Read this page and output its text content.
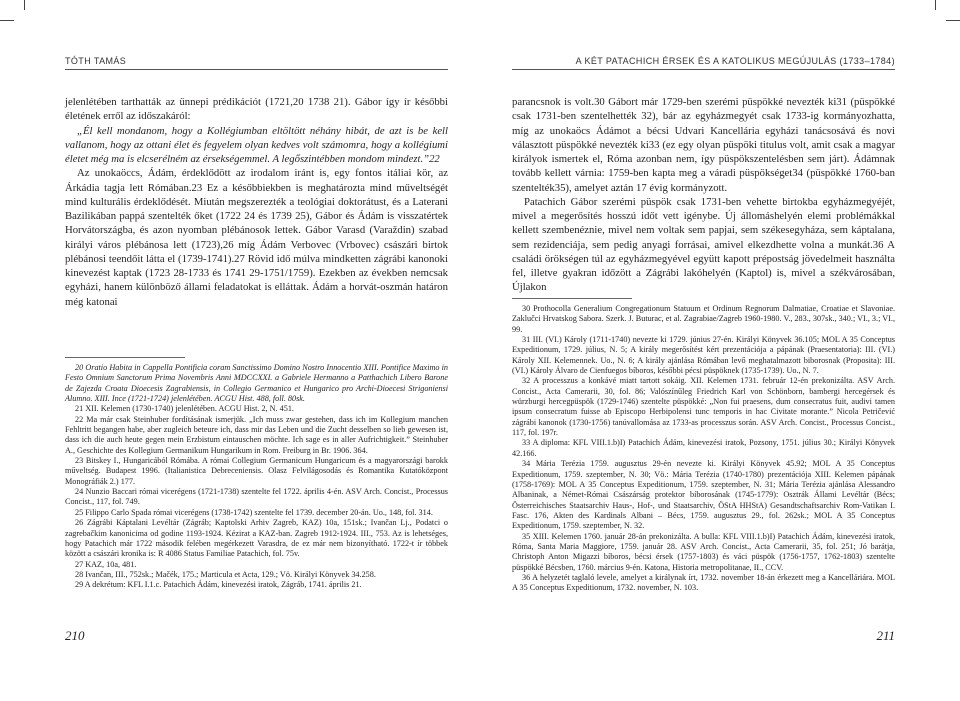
TÓTH TAMÁS

jelenlétében tarthatták az ünnepi prédikációt (1721,20 1738 21). Gábor így ír későbbi életének erről az időszakáról:

„Él kell mondanom, hogy a Kollégiumban eltöltött néhány hibát, de azt is be kell vallanom, hogy az ottani élet és fegyelem olyan kedves volt számomra, hogy a kollégiumi életet még ma is elcserélném az érsekségemmel. A legőszintébben mondom mindezt.”22

Az unokaöccs, Ádám, érdeklődött az irodalom iránt is, egy fontos itáliai kör, az Árkádia tagja lett Rómában.23 Ez a későbbiekben is meghatározta mind műveltségét mind kulturális érdeklődését. Miután megszerezték a teológiai doktorátust, és a Laterani Bazilikában pappá szentelték őket (1722 24 és 1739 25), Gábor és Ádám is visszatértek Horvátországba, és azon nyomban plébánosok lettek. Gábor Varasd (Varaždin) szabad királyi város plébánosa lett (1723),26 míg Ádám Verbovec (Vrbovec) császári birtok plébánosi teendőit látta el (1739-1741).27 Rövid idő múlva mindketten zágrábi kanonoki kinevezést kaptak (1723 28-1733 és 1741 29-1751/1759). Ezekben az években nemcsak egyházi, hanem különböző állami feladatokat is elláttak. Ádám a horvát-oszmán határon még katonai

20 Oratio Habita in Cappella Pontificia coram Sanctissimo Domino Nostro Innocentio XIII. Pontifice Maximo in Festo Omnium Sanctorum Prima Novembris Anni MDCCXXI. a Gabriele Hermanno a Patthachich Libero Barone de Zajezda Croata Dioecesis Zagrabiensis, in Collegio Germanico et Hungarico pro Archi-Dioecesi Strigoniensi Alumno. XIII. Ince (1721-1724) jelenlétében. ACGU Hist. 488, foll. 80sk.

21 XII. Kelemen (1730-1740) jelenlétében. ACGU Hist. 2, N. 451.

22 Ma már csak Steinhuber fordításának ismerjük. „Ich muss zwar gestehen, dass ich im Kollegium manchen Fehltritt begangen habe, aber zugleich beteure ich, dass mir das Leben und die Zucht desselben so lieb gewesen ist, dass ich die auch heute gegen mein Erzbistum eintauschen möchte. Ich sage es in aller Aufrichtigkeit.” Steinhuber A., Geschichte des Kollegium Germanikum Hungarikum in Rom. Freiburg in Br. 1906. 364.

23 Bitskey I., Hungaricából Rómába. A római Collegium Germanicum Hungaricum és a magyarországi barokk műveltség. Budapest 1996. (Italianistica Debreceniensis. Olasz Felvilágosodás és Romantika Kutatóközpont Monográfiák 2.) 177.

24 Nunzio Baccari római vicerégens (1721-1738) szentelte fel 1722. április 4-én. ASV Arch. Concist., Processus Concist., 117, fol. 749.

25 Filippo Carlo Spada római vicerégens (1738-1742) szentelte fel 1739. december 20-án. Uo., 148, fol. 314.

26 Zágrábi Káptalani Levéltár (Zágráb; Kaptolski Arhiv Zagreb, KAZ) 10a, 151sk.; Ivančan Lj., Podatci o zagrebačkim kanonicima od godine 1193-1924. Kézirat a KAZ-ban. Zagreb 1912-1924. III., 753. Az is lehetséges, hogy Patachich már 1722 második felében megérkezett Varasdra, de ez már nem bizonyítható. 1722-t ír többek között a császári kronika is: R 4086 Status Familiae Patachich, fol. 75v.

27 KAZ, 10a, 481.

28 Ivančan, III., 752sk.; Mačék, 175.; Marticula et Acta, 129.; Vö. Királyi Könyvek 34.258.

29 A dekrétum: KFL I.1.c. Patachich Ádám, kinevezési iratok, Zágráb, 1741. április 21.

210
A KÉT PATACHICH ÉRSEK ÉS A KATOLIKUS MEGÚJULÁS (1733–1784)

parancsnok is volt.30 Gábort már 1729-ben szerémi püspökké nevezték ki31 (püspökké csak 1731-ben szentelhették 32), bár az egyházmegyét csak 1733-ig kormányozhatta, míg az unokaöcs Ádámot a bécsi Udvari Kancellária egyházi tanácsosává és novi választott püspökké nevezték ki33 (ez egy olyan püspöki titulus volt, amit csak a magyar királyok ismertek el, Róma azonban nem, így püspökszentelésben sem járt). Ádámnak tovább kellett várnia: 1759-ben kapta meg a váradi püspökséget34 (püspökké 1760-ban szentelték35), amelyet aztán 17 évig kormányzott.

Patachich Gábor szerémi püspök csak 1731-ben vehette birtokba egyházmegyéjét, mivel a megerősítés hosszú időt vett igénybe. Új állomáshelyén elemi problémákkal kellett szembenéznie, mivel nem voltak sem papjai, sem székesegyháza, sem káptalana, sem rezidenciája, sem pedig anyagi forrásai, amivel elkezdhette volna a munkát.36 A családi örökségen túl az egyházmegyével együtt kapott prépostság jövedelmeit használta fel, illetve gyakran időzött a Zágrábi lakóhelyén (Kaptol) is, mivel a székvárosában, Újlakon

30 Prothocolla Generalium Congregationum Statuum et Ordinum Regnorum Dalmatiae, Croatiae et Slavoniae. Zaklučci Hrvatskog Sabora. Szerk. J. Buturac, et al. Zagrabiae/Zagreb 1960-1980. V., 283., 307sk., 340.; VI., 3.; VI., 99.

31 III. (VI.) Károly (1711-1740) nevezte ki 1729. június 27-én. Királyi Könyvek 36.105; MOL A 35 Conceptus Expeditionum, 1729. július, N. 5; A király megerősítést kért prezentációja a pápának (Praesentatoria): III. (VI.) Károly XII. Kelemennek. Uo., N. 6; A király ajánlása Rómában levő meghatalmazott biborosnak (Proposita): III. (VI.) Károly Álvaro de Cienfuegos bíboros, későbbi pécsi püspöknek (1735-1739). Uo., N. 7.

32 A processzus a konkávé miatt tartott sokáig. XII. Kelemen 1731. február 12-én prekonizálta. ASV Arch. Concist., Acta Camerarii, 30, fol. 86; Valószínűleg Friedrich Karl von Schönborn, bambergi hercegérsek és würzburgi hercegpüspök (1729-1746) szentelte püspökké: „Non fui praesens, dum consecratus fuit, audivi tamen ipsum consecratum fuisse ab Episcopo Herbipolensi tunc temporis in hac Civitate morante.” Nicola Petričević zágrábi kanonok (1730-1756) tanúvallomása az 1733-as processzus során. ASV Arch. Concist., Processus Concist., 117, fol. 197r.

33 A diploma: KFL VIII.1.b)I) Patachich Ádám, kinevezési iratok, Pozsony, 1751. július 30.; Királyi Könyvek 42.166.

34 Mária Terézia 1759. augusztus 29-én nevezte ki. Királyi Könyvek 45.92; MOL A 35 Conceptus Expeditionum, 1759. szeptember, N. 30; Vö.: Mária Terézia (1740-1780) prezentációja XIII. Kelemen pápának (1758-1769): MOL A 35 Conceptus Expeditionum, 1759. szeptember, N. 31; Mária Terézia ajánlása Alessandro Albaninak, a Német-Római Császárság protektor bíborosának (1745-1779): Osztrák Állami Levéltár (Bécs; Österreichisches Staatsarchiv Haus-, Hof-, und Staatsarchiv, ÖStA HHStA) Gesandtschaftsarchiv Rom-Vatikan I. Fasc. 176, Akten des Kardinals Albani – Bécs, 1759. augusztus 29., fol. 262sk.; MOL A 35 Conceptus Expeditionum, 1759. szeptember, N. 32.

35 XIII. Kelemen 1760. január 28-án prekonizálta. A bulla: KFL VIII.1.b)I) Patachich Ádám, kinevezési iratok, Róma, Santa Maria Maggiore, 1759. január 28. ASV Arch. Concist., Acta Camerarii, 35, fol. 251; Jó barátja, Christoph Anton Migazzi bíboros, bécsi érsek (1757-1803) és váci püspök (1756-1757, 1762-1803) szentelte püspökké Bécsben, 1760. március 9-én. Katona, Historia metropolitanae, II., CCV.

36 A helyzetét taglaló levele, amelyet a királynak írt, 1732. november 18-án érkezett meg a Kancelláriára. MOL A 35 Conceptus Expeditionum, 1732. november, N. 103.

211
